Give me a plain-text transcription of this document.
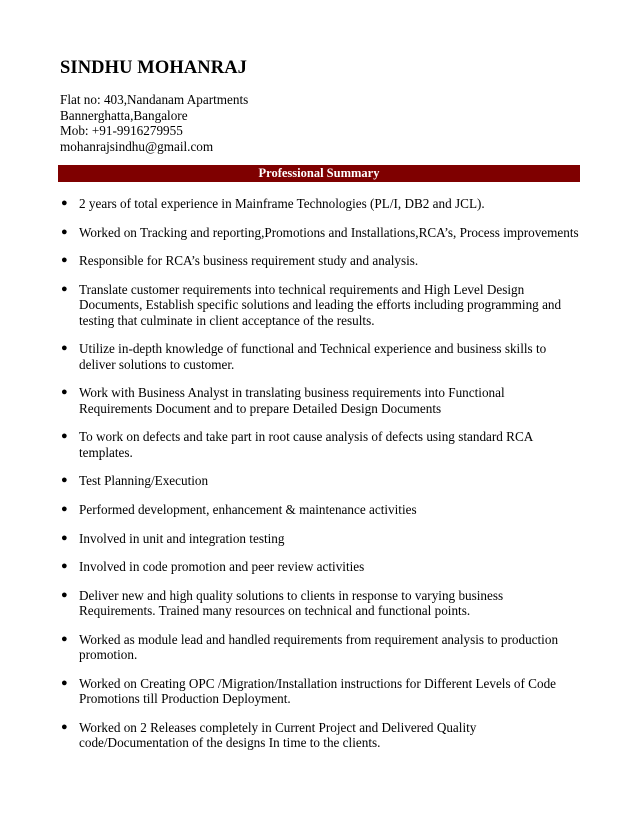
SINDHU MOHANRAJ
Flat no: 403,Nandanam Apartments
Bannerghatta,Bangalore
Mob: +91-9916279955
mohanrajsindhu@gmail.com
Professional Summary
● 2 years of total experience in Mainframe Technologies (PL/I, DB2 and JCL).
● Worked on Tracking and reporting,Promotions and Installations,RCA’s, Process improvements
● Responsible for RCA’s business requirement study and analysis.
● Translate customer requirements into technical requirements and High Level Design Documents, Establish specific solutions and leading the efforts including programming and testing that culminate in client acceptance of the results.
● Utilize in-depth knowledge of functional and Technical experience and business skills to deliver solutions to customer.
● Work with Business Analyst in translating business requirements into Functional Requirements Document and to prepare Detailed Design Documents
● To work on defects and take part in root cause analysis of defects using standard RCA templates.
● Test Planning/Execution
● Performed development, enhancement & maintenance activities
● Involved in unit and integration testing
● Involved in code promotion and peer review activities
● Deliver new and high quality solutions to clients in response to varying business Requirements. Trained many resources on technical and functional points.
● Worked as module lead and handled requirements from requirement analysis to production promotion.
● Worked on Creating OPC /Migration/Installation instructions for Different Levels of Code Promotions till Production Deployment.
● Worked on 2 Releases completely in Current Project and Delivered Quality code/Documentation of the designs In time to the clients.
